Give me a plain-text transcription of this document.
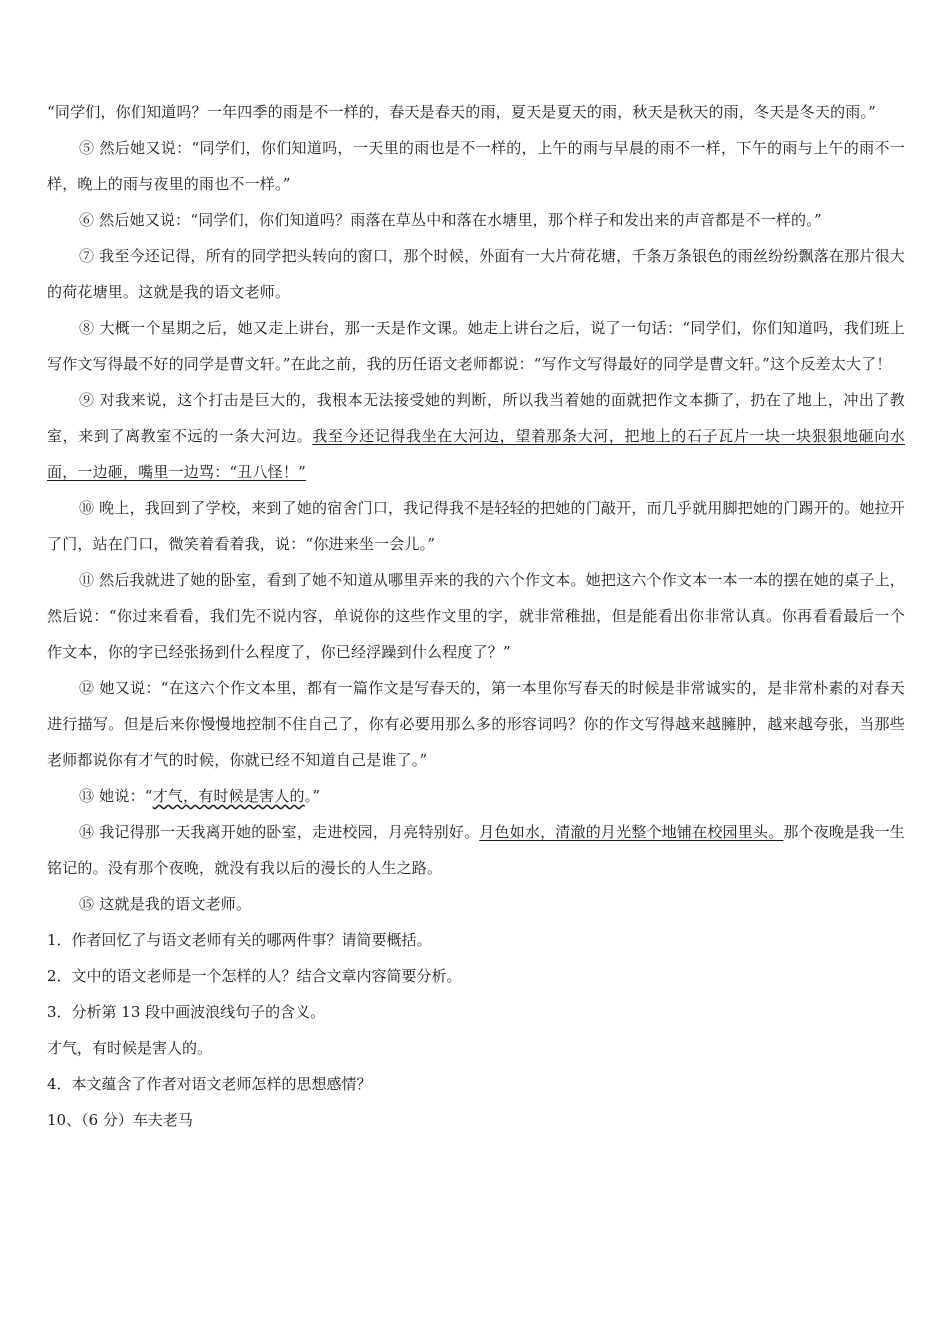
“同学们，你们知道吗？一年四季的雨是不一样的，春天是春天的雨，夏天是夏天的雨，秋天是秋天的雨，冬天是冬天的雨。”

⑤ 然后她又说：“同学们，你们知道吗，一天里的雨也是不一样的，上午的雨与早晨的雨不一样，下午的雨与上午的雨不一样，晚上的雨与夜里的雨也不一样。”

⑥ 然后她又说：“同学们，你们知道吗？雨落在草丛中和落在水塘里，那个样子和发出来的声音都是不一样的。”

⑦ 我至今还记得，所有的同学把头转向的窗口，那个时候，外面有一大片荷花塘，千条万条银色的雨丝纷纷飘落在那片很大的荷花塘里。这就是我的语文老师。

⑧ 大概一个星期之后，她又走上讲台，那一天是作文课。她走上讲台之后，说了一句话：“同学们，你们知道吗，我们班上写作文写得最不好的同学是曹文轩。”在此之前，我的历任语文老师都说：“写作文写得最好的同学是曹文轩。”这个反差太大了！

⑨ 对我来说，这个打击是巨大的，我根本无法接受她的判断，所以我当着她的面就把作文本撕了，扔在了地上，冲出了教室，来到了离教室不远的一条大河边。我至今还记得我坐在大河边，望着那条大河，把地上的石子瓦片一块一块狠狠地砸向水面，一边砸，嘴里一边骂：“丑八怪！”

⑩ 晚上，我回到了学校，来到了她的宿舍门口，我记得我不是轻轻的把她的门敲开，而几乎就用脚把她的门踢开的。她拉开了门，站在门口，微笑着看着我，说：“你进来坐一会儿。”

⑪ 然后我就进了她的卧室，看到了她不知道从哪里弄来的我的六个作文本。她把这六个作文本一本一本的摆在她的桌子上，然后说：“你过来看看，我们先不说内容，单说你的这些作文里的字，就非常稚拙，但是能看出你非常认真。你再看看最后一个作文本，你的字已经张扬到什么程度了，你已经浮躁到什么程度了？”

⑫ 她又说：“在这六个作文本里，都有一篇作文是写春天的，第一本里你写春天的时候是非常诚实的，是非常朴素的对春天进行描写。但是后来你慢慢地控制不住自己了，你有必要用那么多的形容词吗？你的作文写得越来越臃肿，越来越夸张，当那些老师都说你有才气的时候，你就已经不知道自己是谁了。”

⑬ 她说：“才气，有时候是害人的。”

⑭ 我记得那一天我离开她的卧室，走进校园，月亮特别好。月色如水，清澈的月光整个地铺在校园里头。那个夜晚是我一生铭记的。没有那个夜晚，就没有我以后的漫长的人生之路。

⑮ 这就是我的语文老师。

1．作者回忆了与语文老师有关的哪两件事？请简要概括。

2．文中的语文老师是一个怎样的人？结合文章内容简要分析。

3．分析第 13 段中画波浪线句子的含义。

才气，有时候是害人的。

4．本文蕴含了作者对语文老师怎样的思想感情？

10、（6 分）车夫老马
